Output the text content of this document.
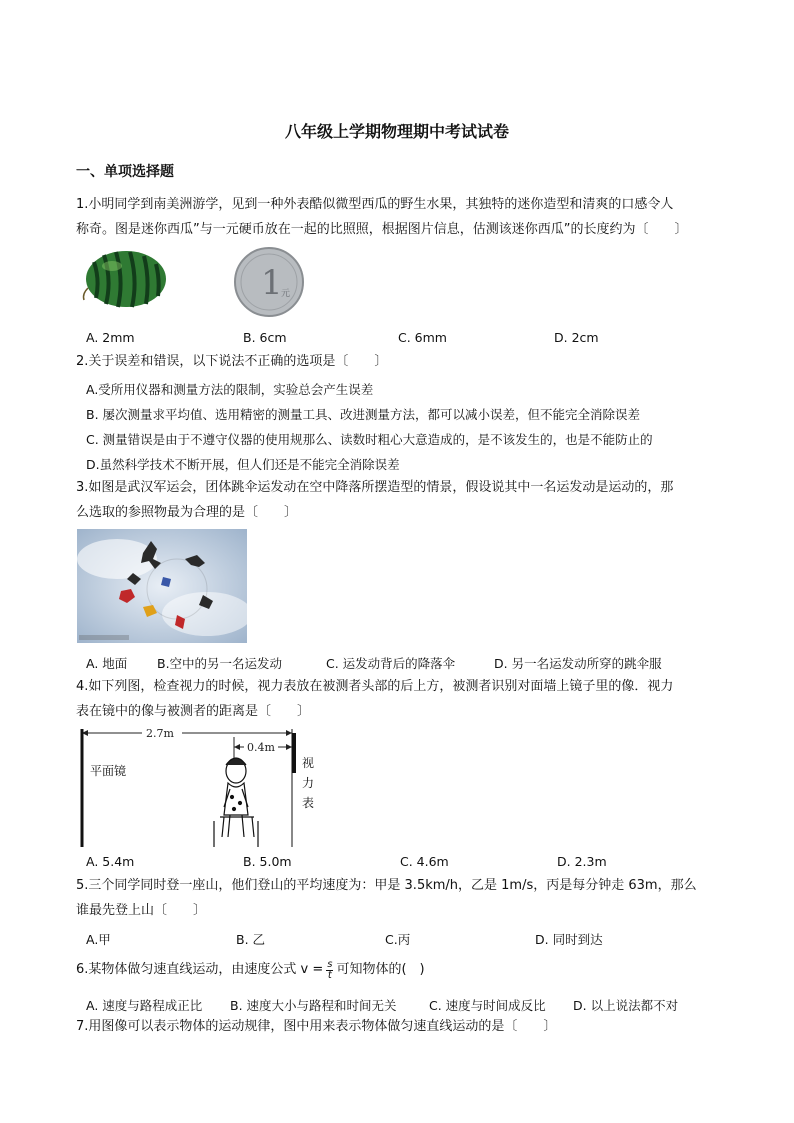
八年级上学期物理期中考试试卷
一、单项选择题
1.小明同学到南美洲游学，见到一种外表酷似微型西瓜的野生水果，其独特的迷你造型和清爽的口感令人
称奇。图是迷你西瓜”与一元硬币放在一起的比照照，根据图片信息，估测该迷你西瓜”的长度约为〔　　〕
1
元
A. 2mm	B. 6cm	C. 6mm	D. 2cm
2.关于误差和错误，以下说法不正确的选项是〔　　〕
A.受所用仪器和测量方法的限制，实验总会产生误差
B. 屡次测量求平均值、选用精密的测量工具、改进测量方法，都可以减小误差，但不能完全消除误差
C. 测量错误是由于不遵守仪器的使用规那么、读数时粗心大意造成的，是不该发生的，也是不能防止的
D.虽然科学技术不断开展，但人们还是不能完全消除误差
3.如图是武汉军运会，团体跳伞运发动在空中降落所摆造型的情景，假设说其中一名运发动是运动的，那
么选取的参照物最为合理的是〔　　〕
A. 地面 B.空中的另一名运发动	C. 运发动背后的降落伞	D. 另一名运发动所穿的跳伞服
4.如下列图，检查视力的时候，视力表放在被测者头部的后上方，被测者识别对面墙上镜子里的像．视力
表在镜中的像与被测者的距离是〔　　〕
2.7m
0.4m
平面镜
视
力
表
A. 5.4m	B. 5.0m	C. 4.6m	D. 2.3m
5.三个同学同时登一座山，他们登山的平均速度为：甲是 3.5km/h，乙是 1m/s，丙是每分钟走 63m，那么
谁最先登上山〔　　〕
A.甲	B. 乙	C.丙	D. 同时到达
6.某物体做匀速直线运动，由速度公式 $v = \frac{s}{t}$ 可知物体的(　)
A. 速度与路程成正比 B. 速度大小与路程和时间无关	C. 速度与时间成反比 D. 以上说法都不对
7.用图像可以表示物体的运动规律，图中用来表示物体做匀速直线运动的是〔　　〕
